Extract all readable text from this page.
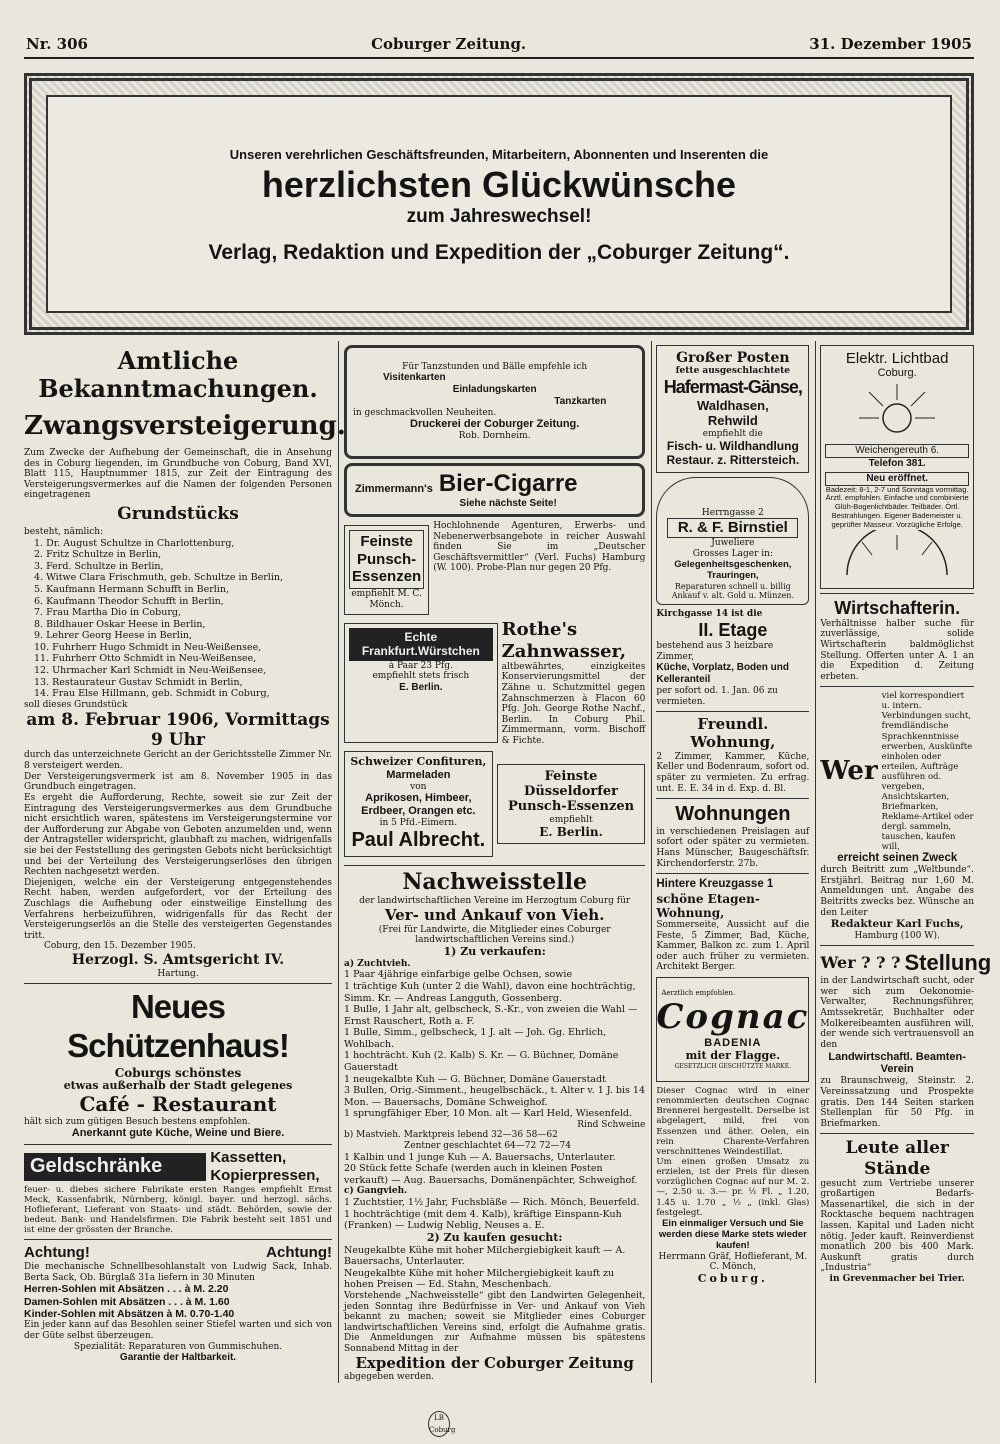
Nr. 306	Coburger Zeitung.	31. Dezember 1905
Unseren verehrlichen Geschäftsfreunden, Mitarbeitern, Abonnenten und Inserenten die
herzlichsten Glückwünsche
zum Jahreswechsel!
Verlag, Redaktion und Expedition der „Coburger Zeitung“.
Amtliche Bekanntmachungen.
Zwangsversteigerung.

Zum Zwecke der Aufhebung der Gemeinschaft, die in Ansehung des in Coburg liegenden, im Grundbuche von Coburg, Band XVI, Blatt 115, Hauptnummer 1815, zur Zeit der Eintragung des Versteigerungsvermerkes auf die Namen der folgenden Personen eingetragenen

Grundstücks
besteht, nämlich:
1. Dr. August Schultze in Charlottenburg,
2. Fritz Schultze in Berlin,
3. Ferd. Schultze in Berlin,
4. Witwe Clara Frischmuth, geb. Schultze in Berlin,
5. Kaufmann Hermann Schufft in Berlin,
6. Kaufmann Theodor Schufft in Berlin,
7. Frau Martha Dio in Coburg,
8. Bildhauer Oskar Heese in Berlin,
9. Lehrer Georg Heese in Berlin,
10. Fuhrherr Hugo Schmidt in Neu-Weißensee,
11. Fuhrherr Otto Schmidt in Neu-Weißensee,
12. Uhrmacher Karl Schmidt in Neu-Weißensee,
13. Restaurateur Gustav Schmidt in Berlin,
14. Frau Else Hillmann, geb. Schmidt in Coburg,
soll dieses Grundstück
am 8. Februar 1906, Vormittags 9 Uhr

durch das unterzeichnete Gericht an der Gerichtsstelle Zimmer Nr. 8 versteigert werden.

Der Versteigerungsvermerk ist am 8. November 1905 in das Grundbuch eingetragen.

Es ergeht die Aufforderung, Rechte, soweit sie zur Zeit der Eintragung des Versteigerungsvermerkes aus dem Grundbuche nicht ersichtlich waren, spätestens im Versteigerungstermine vor der Aufforderung zur Abgabe von Geboten anzumelden und, wenn der Antragsteller widerspricht, glaubhaft zu machen, widrigenfalls sie bei der Feststellung des geringsten Gebots nicht berücksichtigt und bei der Verteilung des Versteigerungserlöses den übrigen Rechten nachgesetzt werden.

Diejenigen, welche ein der Versteigerung entgegenstehendes Recht haben, werden aufgefordert, vor der Erteilung des Zuschlags die Aufhebung oder einstweilige Einstellung des Verfahrens herbeizuführen, widrigenfalls für das Recht der Versteigerungserlös an die Stelle des versteigerten Gegenstandes tritt.

Coburg, den 15. Dezember 1905.
Herzogl. S. Amtsgericht IV.
Hartung.
Neues Schützenhaus!
Coburgs schönstes
etwas außerhalb der Stadt gelegenes
Café - Restaurant
hält sich zum gütigen Besuch bestens empfohlen.
Anerkannt gute Küche, Weine und Biere.
Geldschränke	Kassetten,
Kopierpressen,

feuer- u. diebes sichere Fabrikate ersten Ranges empfiehlt Ernst Meck, Kassenfabrik, Nürnberg, königl. bayer. und herzogl. sächs. Hoflieferant, Lieferant von Staats- und städt. Behörden, sowie der bedeut. Bank- und Handelsfirmen. Die Fabrik besteht seit 1851 und ist eine der grössten der Branche.

Achtung!	Achtung!

Die mechanische Schnellbesohlanstalt von Ludwig Sack, Inhab. Berta Sack, Ob. Bürglaß 31a liefern in 30 Minuten

Herren-Sohlen mit Absätzen . . . à M. 2.20
Damen-Sohlen mit Absätzen . . . à M. 1.60
Kinder-Sohlen mit Absätzen à M. 0.70-1.40

Ein jeder kann auf das Besohlen seiner Stiefel warten und sich von der Güte selbst überzeugen.

Spezialität: Reparaturen von Gummischuhen.
Garantie der Haltbarkeit.
Für Tanzstunden und Bälle empfehle ich
Visitenkarten
Einladungskarten
Tanzkarten
in geschmackvollen Neuheiten.
Druckerei der Coburger Zeitung.
Rob. Dornheim.
Zimmermann's Bier-Cigarre
Siehe nächste Seite!
Feinste Punsch-Essenzen
empfiehlt M. C. Mönch.

Hochlohnende Agenturen, Erwerbs- und Nebenerwerbsangebote in reicher Auswahl finden Sie im „Deutscher Geschäftsvermittler“ (Verl. Fuchs) Hamburg (W. 100). Probe-Plan nur gegen 20 Pfg.

Echte Frankfurt.Würstchen
à Paar 23 Pfg.
empfiehlt stets frisch
E. Berlin.
Rothe's Zahnwasser,

altbewährtes, einzigkeites Konservierungsmittel der Zähne u. Schutzmittel gegen Zahnschmerzen à Flacon 60 Pfg. Joh. George Rothe Nachf., Berlin. In Coburg Phil. Zimmermann, vorm. Bischoff & Fichte.

Schweizer Confituren,
Marmeladen
von
Aprikosen, Himbeer,
Erdbeer, Orangen etc.
in 5 Pfd.-Eimern.
Paul Albrecht.
Feinste Düsseldorfer
Punsch-Essenzen
empfiehlt
E. Berlin.
Nachweisstelle
der landwirtschaftlichen Vereine im Herzogtum Coburg für
Ver- und Ankauf von Vieh.
(Frei für Landwirte, die Mitglieder eines Coburger landwirtschaftlichen Vereins sind.)
1) Zu verkaufen:
a) Zuchtvieh.
1 Paar 4jährige einfarbige gelbe Ochsen, sowie
1 trächtige Kuh (unter 2 die Wahl), davon eine hochträchtig, Simm. Kr. — Andreas Langguth, Gossenberg.
1 Bulle, 1 Jahr alt, gelbscheck, S.-Kr., von zweien die Wahl — Ernst Rauschert, Roth a. F.
1 Bulle, Simm., gelbscheck, 1 J. alt — Joh. Gg. Ehrlich, Wohlbach.
1 hochträcht. Kuh (2. Kalb) S. Kr. — G. Büchner, Domäne Gauerstadt
1 neugekalbte Kuh — G. Büchner, Domäne Gauerstadt
3 Bullen, Orig.-Simment., heugelbschäck., t. Alter v. 1 J. bis 14 Mon. — Bauersachs, Domäne Schweighof.
1 sprungfähiger Eber, 10 Mon. alt — Karl Held, Wiesenfeld.
Rind Schweine
b) Mastvieh. Marktpreis lebend 32—36 58—62
Zentner geschlachtet 64—72 72—74
1 Kalbin und 1 junge Kuh — A. Bauersachs, Unterlauter.
20 Stück fette Schafe (werden auch in kleinen Posten verkauft) — Aug. Bauersachs, Domänenpächter, Schweighof.
c) Gangvieh.
1 Zuchtstier, 1½ Jahr, Fuchsbläße — Rich. Mönch, Beuerfeld.
1 hochträchtige (mit dem 4. Kalb), kräftige Einspann-Kuh (Franken) — Ludwig Neblig, Neuses a. E.
2) Zu kaufen gesucht:
Neugekalbte Kühe mit hoher Milchergiebigkeit kauft — A. Bauersachs, Unterlauter.
Neugekalbte Kühe mit hoher Milchergiebigkeit kauft zu hohen Preisen — Ed. Stahn, Meschenbach.

Vorstehende „Nachweisstelle“ gibt den Landwirten Gelegenheit, jeden Sonntag ihre Bedürfnisse in Ver- und Ankauf von Vieh bekannt zu machen; soweit sie Mitglieder eines Coburger landwirtschaftlichen Vereins sind, erfolgt die Aufnahme gratis. Die Anmeldungen zur Aufnahme müssen bis spätestens Sonnabend Mittag in der

Expedition der Coburger Zeitung
abgegeben werden.
Großer Posten
fette ausgeschlachtete
Hafermast-Gänse,
Waldhasen,
Rehwild
empfiehlt die
Fisch- u. Wildhandlung
Restaur. z. Rittersteich.
Herrngasse 2
R. & F. Birnstiel
Juweliere
Grosses Lager in:
Gelegenheitsgeschenken,
Trauringen,
Reparaturen schnell u. billig
Ankauf v. alt. Gold u. Münzen.
Kirchgasse 14 ist die
II. Etage
bestehend aus 3 heizbare Zimmer,
Küche, Vorplatz, Boden und Kelleranteil
per sofort od. 1. Jan. 06 zu vermieten.
Freundl. Wohnung,

2 Zimmer, Kammer, Küche, Keller und Bodenraum, sofort od. später zu vermieten. Zu erfrag. unt. E. E. 34 in d. Exp. d. Bl.

Wohnungen

in verschiedenen Preislagen auf sofort oder später zu vermieten. Hans Münscher, Baugeschäftsfr. Kirchendorferstr. 27b.

Hintere Kreuzgasse 1
schöne Etagen-Wohnung,

Sommerseite, Aussicht auf die Feste, 5 Zimmer, Bad, Küche, Kammer, Balkon zc. zum 1. April oder auch früher zu vermieten. Architekt Berger.

Aerztlich empfohlen.
Cognac
BADENIA
mit der Flagge.
GESETZLICH GESCHÜTZTE MARKE.

Dieser Cognac wird in einer renommierten deutschen Cognac Brennerei hergestellt. Derselbe ist abgelagert, mild, frei von Essenzen und äther. Oelen, ein rein Charente-Verfahren verschnittenes Weindestillat.

Um einen großen Umsatz zu erzielen, ist der Preis für diesen vorzüglichen Cognac auf nur M. 2.—, 2.50 u. 3.— pr. ¹⁄₁ Fl. „ 1.20, 1.45 u. 1.70 „ ½ „ (inkl. Glas) festgelegt.

Ein einmaliger Versuch und Sie werden diese Marke stets wieder kaufen!
Herrmann Gräf, Hoflieferant, M. C. Mönch,
Coburg.
Elektr. Lichtbad
Coburg.
Weichengereuth 6.
Telefon 381.
Neu eröffnet.
Badezeit: 8-1, 2-7 und Sonntags vormittag. Ärztl. empfohlen. Einfache und combinierte Glüh-Bogenlichtbäder. Teilbäder. Örtl. Bestrahlungen. Eigener Bademeister u. geprüfter Masseur. Vorzügliche Erfolge.
Wirtschafterin.

Verhältnisse halber suche für zuverlässige, solide Wirtschafterin baldmöglichst Stellung. Offerten unter A. 1 an die Expedition d. Zeitung erbeten.

Wer
viel korrespondiert u. intern. Verbindungen sucht, fremdländische Sprachkenntnisse erwerben, Auskünfte einholen oder erteilen, Aufträge ausführen od. vergeben, Ansichtskarten, Briefmarken, Reklame-Artikel oder dergl. sammeln, tauschen, kaufen will,
erreicht seinen Zweck

durch Beitritt zum „Weltbunde“. Erstjährl. Beitrag nur 1,60 M. Anmeldungen unt. Angabe des Beitritts zwecks bez. Wünsche an den Leiter

Redakteur Karl Fuchs,
Hamburg (100 W).
Wer ? ? ? Stellung

in der Landwirtschaft sucht, oder wer sich zum Oekonomie-Verwalter, Rechnungsführer, Amtssekretär, Buchhalter oder Molkereibeamten ausführen will, der wende sich vertrauensvoll an den

Landwirtschaftl. Beamten-Verein

zu Braunschweig, Steinstr. 2. Vereinssatzung und Prospekte gratis. Den 144 Seiten starken Stellenplan für 50 Pfg. in Briefmarken.

Leute aller Stände

gesucht zum Vertriebe unserer großartigen Bedarfs-Massenartikel, die sich in der Rocktasche bequem nachtragen lassen. Kapital und Laden nicht nötig. Jeder kauft. Reinverdienst monatlich 200 bis 400 Mark. Auskunft gratis durch „Industria“

in Grevenmacher bei Trier.
LB Coburg
